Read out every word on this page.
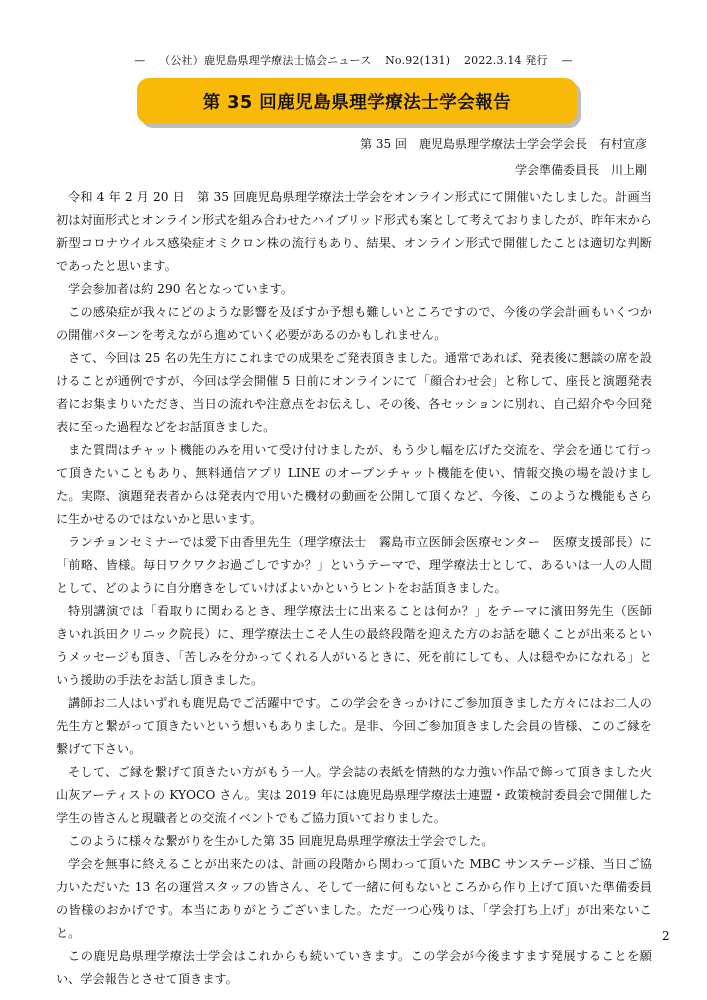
— （公社）鹿児島県理学療法士協会ニュース No.92(131) 2022.3.14 発行 —
第 35 回鹿児島県理学療法士学会報告
第 35 回　鹿児島県理学療法士学会学会長　有村宣彦
学会準備委員長　川上剛

令和 4 年 2 月 20 日　第 35 回鹿児島県理学療法士学会をオンライン形式にて開催いたしました。計画当初は対面形式とオンライン形式を組み合わせたハイブリッド形式も案として考えておりましたが、昨年末から新型コロナウイルス感染症オミクロン株の流行もあり、結果、オンライン形式で開催したことは適切な判断であったと思います。

学会参加者は約 290 名となっています。

この感染症が我々にどのような影響を及ぼすか予想も難しいところですので、今後の学会計画もいくつかの開催パターンを考えながら進めていく必要があるのかもしれません。

さて、今回は 25 名の先生方にこれまでの成果をご発表頂きました。通常であれば、発表後に懇談の席を設けることが通例ですが、今回は学会開催 5 日前にオンラインにて「顔合わせ会」と称して、座長と演題発表者にお集まりいただき、当日の流れや注意点をお伝えし、その後、各セッションに別れ、自己紹介や今回発表に至った過程などをお話頂きました。

また質問はチャット機能のみを用いて受け付けましたが、もう少し幅を広げた交流を、学会を通じて行って頂きたいこともあり、無料通信アプリ LINE のオープンチャット機能を使い、情報交換の場を設けました。実際、演題発表者からは発表内で用いた機材の動画を公開して頂くなど、今後、このような機能もさらに生かせるのではないかと思います。

ランチョンセミナーでは愛下由香里先生（理学療法士　霧島市立医師会医療センター　医療支援部長）に「前略、皆様。毎日ワクワクお過ごしですか？」というテーマで、理学療法士として、あるいは一人の人間として、どのように自分磨きをしていけばよいかというヒントをお話頂きました。

特別講演では「看取りに関わるとき、理学療法士に出来ることは何か？」をテーマに濱田努先生（医師　きいれ浜田クリニック院長）に、理学療法士こそ人生の最終段階を迎えた方のお話を聴くことが出来るというメッセージも頂き、「苦しみを分かってくれる人がいるときに、死を前にしても、人は穏やかになれる」という援助の手法をお話し頂きました。

講師お二人はいずれも鹿児島でご活躍中です。この学会をきっかけにご参加頂きました方々にはお二人の先生方と繋がって頂きたいという想いもありました。是非、今回ご参加頂きました会員の皆様、このご縁を繋げて下さい。

そして、ご縁を繋げて頂きたい方がもう一人。学会誌の表紙を情熱的な力強い作品で飾って頂きました火山灰アーティストの KYOCO さん。実は 2019 年には鹿児島県理学療法士連盟・政策検討委員会で開催した学生の皆さんと現職者との交流イベントでもご協力頂いておりました。

このように様々な繋がりを生かした第 35 回鹿児島県理学療法士学会でした。

学会を無事に終えることが出来たのは、計画の段階から関わって頂いた MBC サンステージ様、当日ご協力いただいた 13 名の運営スタッフの皆さん、そして一緒に何もないところから作り上げて頂いた準備委員の皆様のおかげです。本当にありがとうございました。ただ一つ心残りは、「学会打ち上げ」が出来ないこと。

この鹿児島県理学療法士学会はこれからも続いていきます。この学会が今後ますます発展することを願い、学会報告とさせて頂きます。

2
